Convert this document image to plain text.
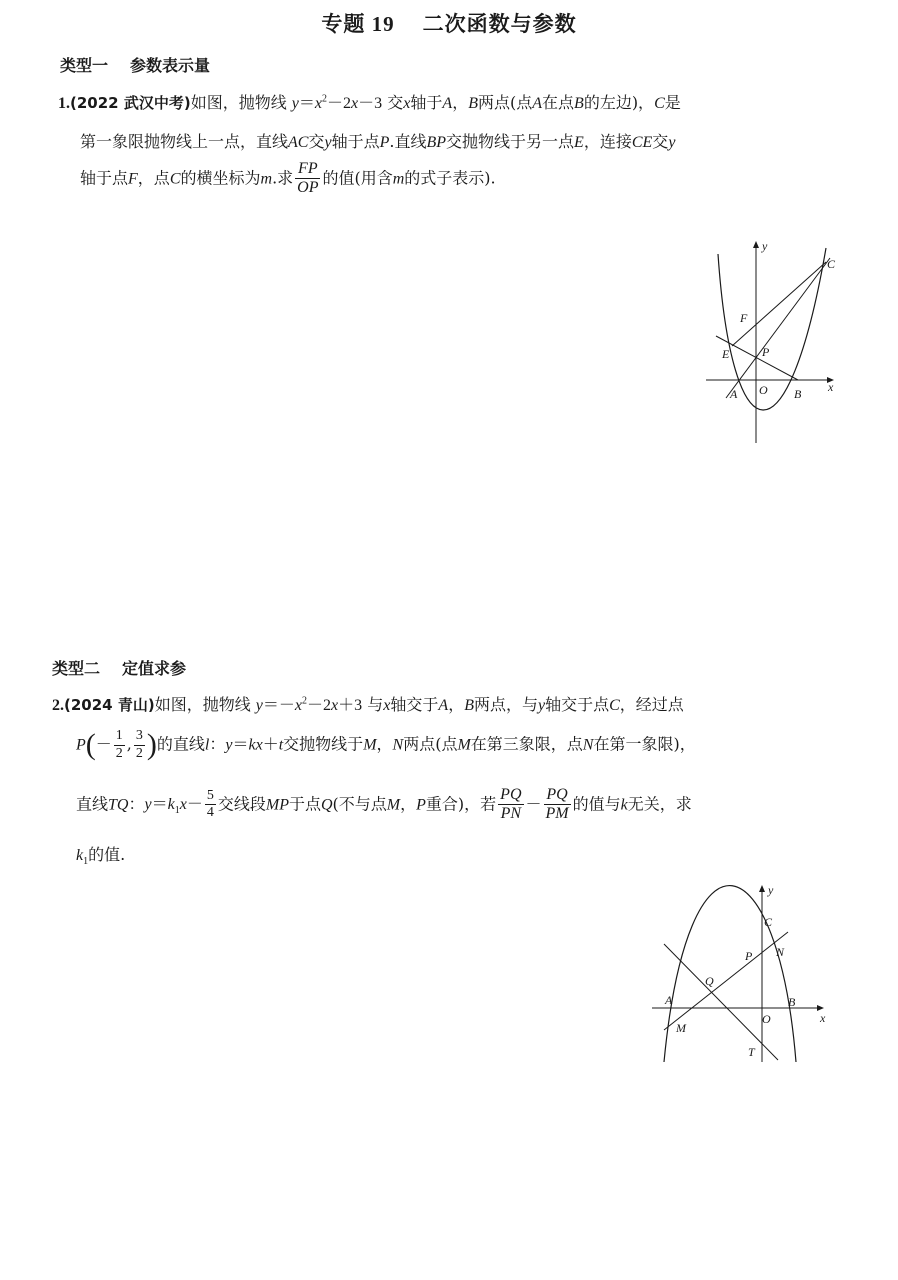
专题 19 二次函数与参数
类型一 参数表示量
1.(2022 武汉中考)如图，抛物线 $y=x^2-2x-3$ 交x轴于A，B两点(点A在点B的左边)，C是
第一象限抛物线上一点，直线AC交y轴于点P.直线BP交抛物线于另一点E，连接CE交y
轴于点F，点C的横坐标为m.求 $\frac{FP}{OP}$ 的值(用含m的式子表示).
y
x
O
A	B
C
E
F
P
类型二 定值求参
2.(2024 青山)如图，抛物线 $y=-x^2-2x+3$ 与x轴交于A，B两点，与y轴交于点C，经过点
$P(- \frac{1}{2}$ , $\frac{3}{2}$ )的直线l：y＝kx＋t交抛物线于M，N两点(点M在第三象限，点N在第一象限)，
直线TQ：$y=k_1x- \frac{5}{4}$ 交线段MP于点Q(不与点M，P重合)，若 $\frac{PQ}{PN} - \frac{PQ}{PM}$ 的值与k无关，求
$k_1$的值.
y
x
O
A	B
C
P N
Q
M
T
